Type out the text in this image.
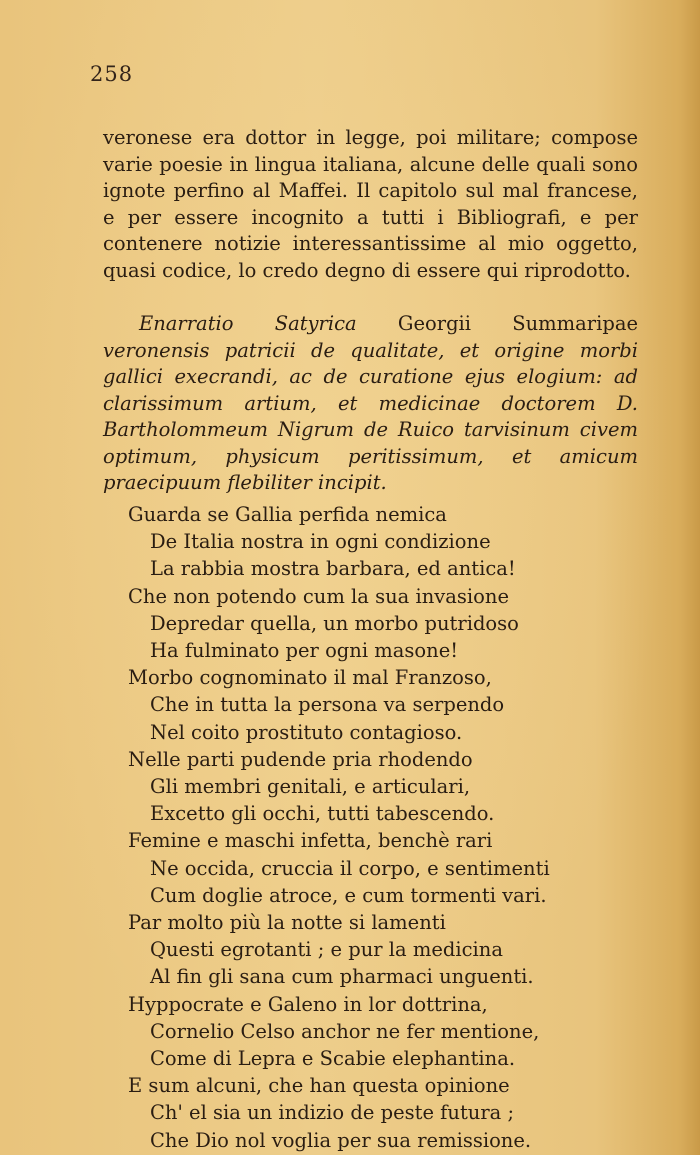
258

veronese era dottor in legge, poi militare; compose varie poesie in lingua italiana, alcune delle quali sono ignote perfino al Maffei. Il capitolo sul mal francese, e per essere incognito a tutti i Bibliografi, e per contenere notizie interessantissime al mio oggetto, quasi codice, lo credo degno di essere qui riprodotto.

Enarratio Satyrica Georgii Summaripae veronensis patricii de qualitate, et origine morbi gallici execrandi, ac de curatione ejus elogium: ad clarissimum artium, et medicinae doctorem D. Bartholommeum Nigrum de Ruico tarvisinum civem optimum, physicum peritissimum, et amicum praecipuum flebiliter incipit.

Guarda se Gallia perfida nemica
De Italia nostra in ogni condizione
La rabbia mostra barbara, ed antica!
Che non potendo cum la sua invasione
Depredar quella, un morbo putridoso
Ha fulminato per ogni masone!
Morbo cognominato il mal Franzoso,
Che in tutta la persona va serpendo
Nel coito prostituto contagioso.
Nelle parti pudende pria rhodendo
Gli membri genitali, e articulari,
Excetto gli occhi, tutti tabescendo.
Femine e maschi infetta, benchè rari
Ne occida, cruccia il corpo, e sentimenti
Cum doglie atroce, e cum tormenti vari.
Par molto più la notte si lamenti
Questi egrotanti ; e pur la medicina
Al fin gli sana cum pharmaci unguenti.
Hyppocrate e Galeno in lor dottrina,
Cornelio Celso anchor ne fer mentione,
Come di Lepra e Scabie elephantina.
E sum alcuni, che han questa opinione
Ch' el sia un indizio de peste futura ;
Che Dio nol voglia per sua remissione.
